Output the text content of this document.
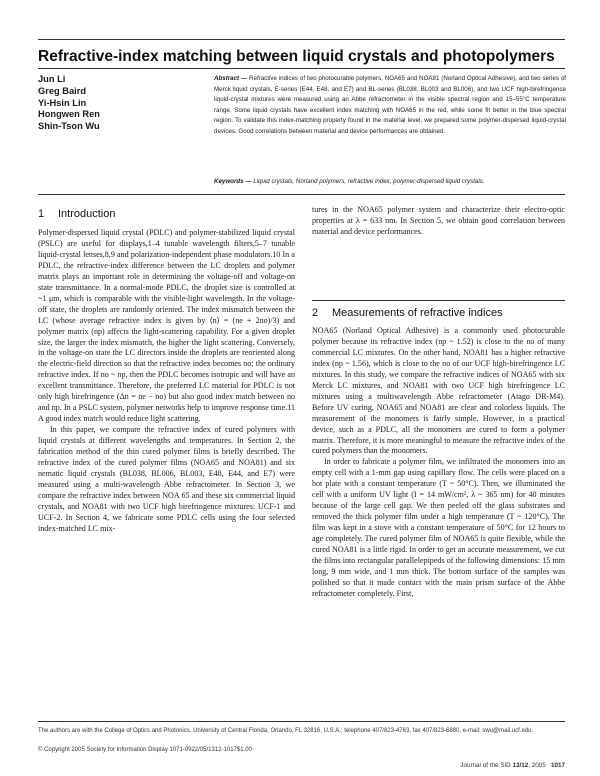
Refractive-index matching between liquid crystals and photopolymers
Jun Li
Greg Baird
Yi-Hsin Lin
Hongwen Ren
Shin-Tson Wu
Abstract — Refractive indices of two photocurable polymers, NOA65 and NOA81 (Norland Optical Adhesive), and two series of Merck liquid crystals, E-series (E44, E48, and E7) and BL-series (BL038, BL003 and BL006), and two UCF high-birefringence liquid-crystal mixtures were measured using an Abbe refractometer in the visible spectral region and 15–55°C temperature range. Some liquid crystals have excellent index matching with NOA65 in the red, while some fit better in the blue spectral region. To validate this index-matching property found in the material level, we prepared some polymer-dispersed liquid-crystal devices. Good correlations between material and device performances are obtained.
Keywords — Liquid crystals, Norland polymers, refractive index, polymer-dispersed liquid crystals.
1 Introduction

Polymer-dispersed liquid crystal (PDLC) and polymer-stabilized liquid crystal (PSLC) are useful for displays,1–4 tunable wavelength filters,5–7 tunable liquid-crystal lenses,8,9 and polarization-independent phase modulators.10 In a PDLC, the refractive-index difference between the LC droplets and polymer matrix plays an important role in determining the voltage-off and voltage-on state transmittance. In a normal-mode PDLC, the droplet size is controlled at ~1 μm, which is comparable with the visible-light wavelength. In the voltage-off state, the droplets are randomly oriented. The index mismatch between the LC (whose average refractive index is given by ⟨n⟩ = (ne + 2no)/3) and polymer matrix (np) affects the light-scattering capability. For a given droplet size, the larger the index mismatch, the higher the light scattering. Conversely, in the voltage-on state the LC directors inside the droplets are reoriented along the electric-field direction so that the refractive index becomes no; the ordinary refractive index. If no ~ np, then the PDLC becomes isotropic and will have an excellent transmittance. Therefore, the preferred LC material for PDLC is not only high birefringence (Δn = ne − no) but also good index match between no and np. In a PSLC system, polymer networks help to improve response time.11 A good index match would reduce light scattering.

In this paper, we compare the refractive index of cured polymers with liquid crystals at different wavelengths and temperatures. In Section 2, the fabrication method of the thin cured polymer films is briefly described. The refractive index of the cured polymer films (NOA65 and NOA81) and six nematic liquid crystals (BL038, BL006, BL003, E48, E44, and E7) were measured using a multi-wavelength Abbe refractometer. In Section 3, we compare the refractive index between NOA 65 and these six commercial liquid crystals, and NOA81 with two UCF high birefringence mixtures: UCF-1 and UCF-2. In Section 4, we fabricate some PDLC cells using the four selected index-matched LC mix-

tures in the NOA65 polymer system and characterize their electro-optic properties at λ = 633 nm. In Section 5, we obtain good correlation between material and device performances.

2 Measurements of refractive indices

NOA65 (Norland Optical Adhesive) is a commonly used photocurable polymer because its refractive index (np ~ 1.52) is close to the no of many commercial LC mixtures. On the other hand, NOA81 has a higher refractive index (np ~ 1.56), which is close to the no of our UCF high-birefringence LC mixtures. In this study, we compare the refractive indices of NOA65 with six Merck LC mixtures, and NOA81 with two UCF high birefringence LC mixtures using a multiwavelength Abbe refractometer (Atago DR-M4). Before UV curing, NOA65 and NOA81 are clear and colorless liquids. The measurement of the monomers is fairly simple. However, in a practical device, such as a PDLC, all the monomers are cured to form a polymer matrix. Therefore, it is more meaningful to measure the refractive index of the cured polymers than the monomers.

In order to fabricate a polymer film, we infiltrated the monomers into an empty cell with a 1-mm gap using capillary flow. The cells were placed on a hot plate with a constant temperature (T ~ 50°C). Then, we illuminated the cell with a uniform UV light (I = 14 mW/cm², λ ~ 365 nm) for 40 minutes because of the large cell gap. We then peeled off the glass substrates and removed the thick polymer film under a high temperature (T ~ 120°C). The film was kept in a stove with a constant temperature of 50°C for 12 hours to age completely. The cured polymer film of NOA65 is quite flexible, while the cured NOA81 is a little rigid. In order to get an accurate measurement, we cut the films into rectangular parallelepipeds of the following dimensions: 15 mm long, 9 mm wide, and 1 mm thick. The bottom surface of the samples was polished so that it made contact with the main prism surface of the Abbe refractometer completely. First,

The authors are with the College of Optics and Photonics, University of Central Florida, Orlando, FL 32816, U.S.A.; telephone 407/823-4763, fax 407/823-6880, e-mail: swu@mail.ucf.edu.
© Copyright 2005 Society for Information Display 1071-0922/05/1312-1017$1.00
Journal of the SID 13/12, 2005 1017
